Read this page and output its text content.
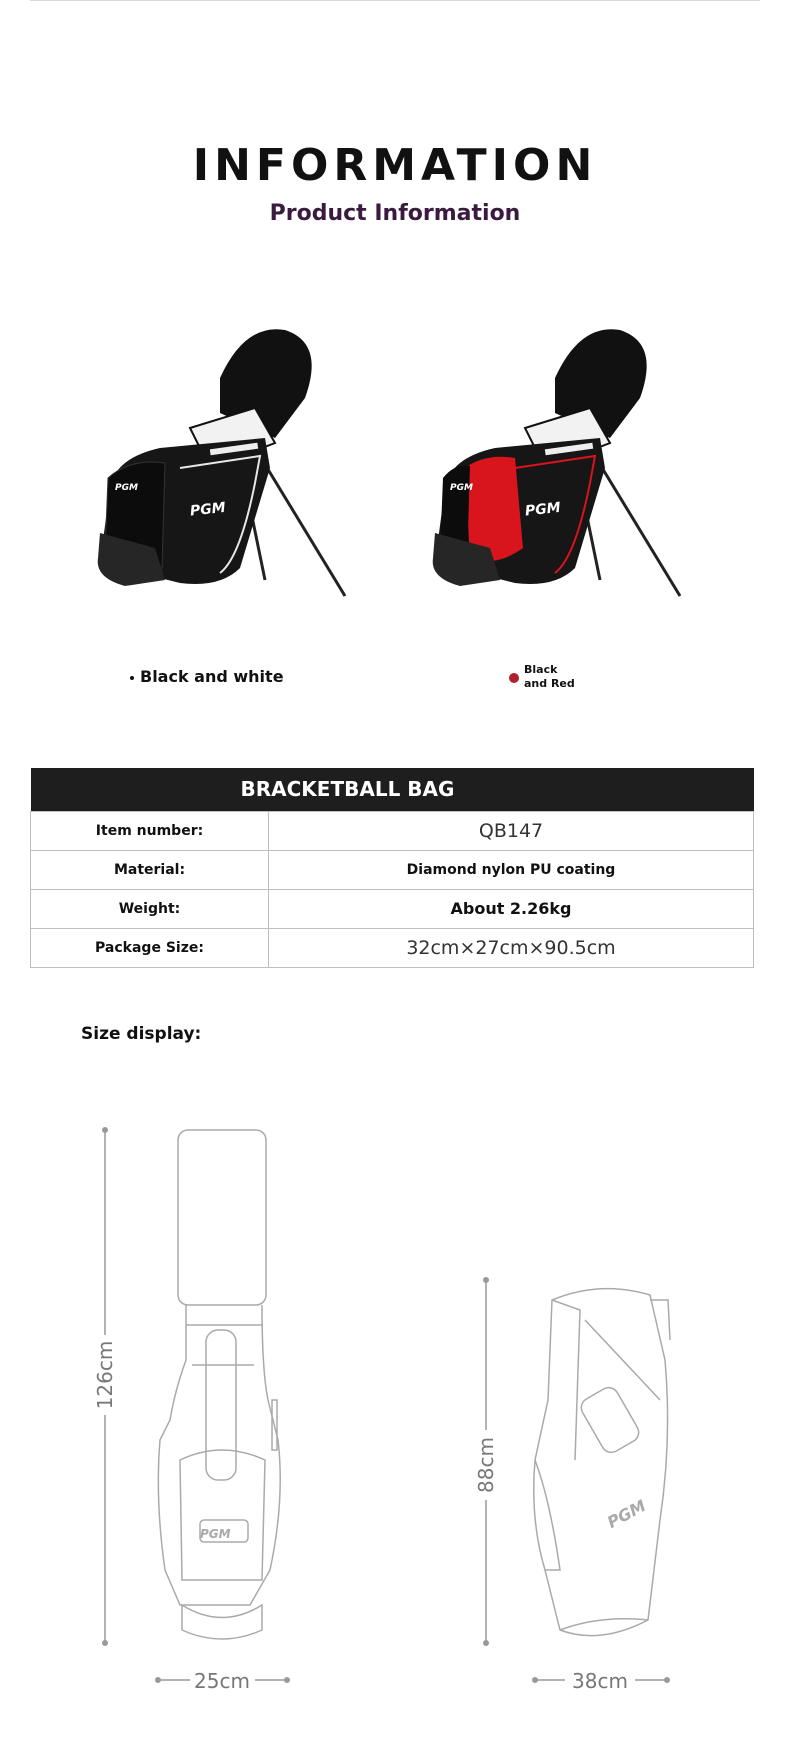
INFORMATION
Product Information
PGM
PGM
PGM
PGM
Black and white	Black
and Red
BRACKETBALL BAG	
Item number:	QB147
Material:	Diamond nylon PU coating
Weight:	About 2.26kg
Package Size:	32cm×27cm×90.5cm
Size display:
126cm
PGM
25cm
88cm
PGM
38cm
